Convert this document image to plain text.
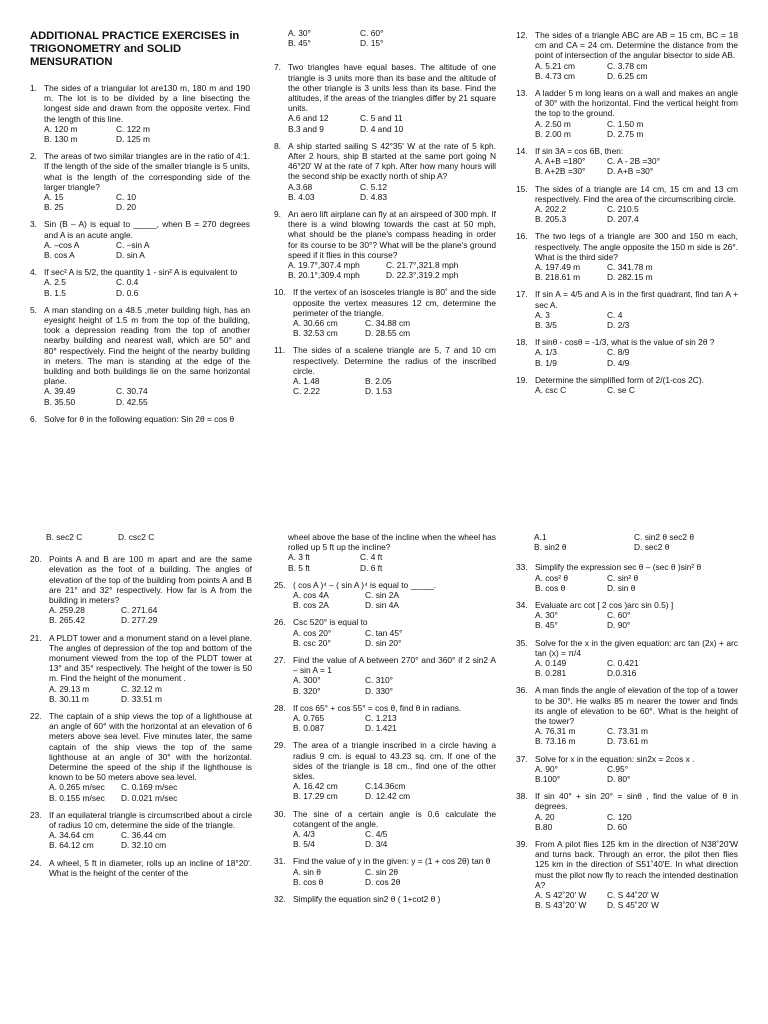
ADDITIONAL PRACTICE EXERCISES in TRIGONOMETRY and SOLID MENSURATION
1. The sides of a triangular lot are130 m, 180 m and 190 m. The lot is to be divided by a line bisecting the longest side and drawn from the opposite vertex. Find the length of this line.
A. 120 m	C. 122 m
B. 130 m	D. 125 m
2. The areas of two similar triangles are in the ratio of 4:1. If the length of the side of the smaller triangle is 5 units, what is the length of the corresponding side of the larger triangle?
A. 15	C. 10
B. 25	D. 20
3. Sin (B – A) is equal to _____, when B = 270 degrees and A is an acute angle.
A. –cos A	C. –sin A
B. cos A	D. sin A
4. If sec² A is 5/2, the quantity 1 - sin² A is equivalent to
A. 2.5	C. 0.4
B. 1.5	D. 0.6
5. A man standing on a 48.5 ,meter building high, has an eyesight height of 1.5 m from the top of the building, took a depression reading from the top of another nearby building and nearest wall, which are 50° and 80° respectively. Find the height of the nearby building in meters. The man is standing at the edge of the building and both buildings lie on the same horizontal plane.
A. 39.49	C. 30.74
B. 35.50	D. 42.55
6. Solve for θ in the following equation: Sin 2θ = cos θ
A. 30°	C. 60°
B. 45°	D. 15°
7. Two triangles have equal bases. The altitude of one triangle is 3 units more than its base and the altitude of the other triangle is 3 units less than its base. Find the altitudes, if the areas of the triangles differ by 21 square units.
A.6 and 12	C. 5 and 11
B.3 and 9	D. 4 and 10
8. A ship started sailing S 42°35' W at the rate of 5 kph. After 2 hours, ship B started at the same port going N 46°20' W at the rate of 7 kph. After how many hours will the second ship be exactly north of ship A?
A.3.68	C. 5.12
B. 4.03	D. 4.83
9. An aero lift airplane can fly at an airspeed of 300 mph. If there is a wind blowing towards the cast at 50 mph, what should be the plane's compass heading in order for its course to be 30°? What will be the plane's ground speed if it flies in this course?
A. 19.7°,307.4 mph	C. 21.7°,321.8 mph
B. 20.1°,309.4 mph	D. 22.3°,319.2 mph
10. If the vertex of an isosceles triangle is 80˚ and the side opposite the vertex measures 12 cm, determine the perimeter of the triangle.
A. 30.66 cm	C. 34.88 cm
B. 32.53 cm	D. 28.55 cm
11. The sides of a scalene triangle are 5, 7 and 10 cm respectively. Determine the radius of the inscribed circle.
A. 1.48	B. 2.05
C. 2.22	D. 1.53
12. The sides of a triangle ABC are AB = 15 cm, BC = 18 cm and CA = 24 cm. Determine the distance from the point of intersection of the angular bisector to side AB.
A. 5.21 cm	C. 3.78 cm
B. 4.73 cm	D. 6.25 cm
13. A ladder 5 m long leans on a wall and makes an angle of 30° with the horizontal. Find the vertical height from the top to the ground.
A. 2.50 m	C. 1.50 m
B. 2.00 m	D. 2.75 m
14. If sin 3A = cos 6B, then:
A. A+B =180°	C. A - 2B =30°
B. A+2B =30°	D. A+B =30°
15. The sides of a triangle are 14 cm, 15 cm and 13 cm respectively. Find the area of the circumscribing circle.
A. 202.2	C. 210.5
B. 205.3	D. 207.4
16. The two legs of a triangle are 300 and 150 m each, respectively. The angle opposite the 150 m side is 26°. What is the third side?
A. 197.49 m	C. 341.78 m
B. 218.61 m	D. 282.15 m
17. If sin A = 4/5 and A is in the first quadrant, find tan A + sec A.
A. 3	C. 4
B. 3/5	D. 2/3
18. If sinθ - cosθ = -1/3, what is the value of sin 2θ ?
A. 1/3	C. 8/9
B. 1/9	D. 4/9
19. Determine the simplified form of 2/(1-cos 2C).
A. csc C	C. se C
B. sec2 C	D. csc2 C
20. Points A and B are 100 m apart and are the same elevation as the foot of a building. The angles of elevation of the top of the building from points A and B are 21° and 32° respectively. How far is A from the building in meters?
A. 259.28	C. 271.64
B. 265.42	D. 277.29
21. A PLDT tower and a monument stand on a level plane. The angles of depression of the top and bottom of the monument viewed from the top of the PLDT tower at 13° and 35° respectively. The height of the tower is 50 m. Find the height of the monument .
A. 29.13 m	C. 32.12 m
B. 30.11 m	D. 33.51 m
22. The captain of a ship views the top of a lighthouse at an angle of 60° with the horizontal at an elevation of 6 meters above sea level. Five minutes later, the same captain of the ship views the top of the same lighthouse at an angle of 30° with the horizontal. Determine the speed of the ship if the lighthouse is known to be 50 meters above sea level.
A. 0.265 m/sec	C. 0.169 m/sec
B. 0.155 m/sec	D. 0.021 m/sec
23. If an equilateral triangle is circumscribed about a circle of radius 10 cm, determine the side of the triangle.
A. 34.64 cm	C. 36.44 cm
B. 64.12 cm	D. 32.10 cm
24. A wheel, 5 ft in diameter, rolls up an incline of 18°20'. What is the height of the center of the
wheel above the base of the incline when the wheel has rolled up 5 ft up the incline?
A. 3 ft	C. 4 ft
B. 5 ft	D. 6 ft
25. ( cos A )⁴ – ( sin A )⁴ is equal to _____.
A. cos 4A	C. sin 2A
B. cos 2A	D. sin 4A
26. Csc 520° is equal to
A. cos 20°	C. tan 45°
B. csc 20°	D. sin 20°
27. Find the value of A between 270° and 360° if 2 sin2 A – sin A = 1
A. 300°	C. 310°
B. 320°	D. 330°
28. If cos 65° + cos 55° = cos θ, find θ in radians.
A. 0.765	C. 1.213
B. 0.087	D. 1.421
29. The area of a triangle inscribed in a circle having a radius 9 cm. is equal to 43.23 sq. cm. If one of the sides of the triangle is 18 cm., find one of the other sides.
A. 16.42 cm	C.14.36cm
B. 17.29 cm	D. 12.42 cm
30. The sine of a certain angle is 0.6 calculate the cotangent of the angle.
A. 4/3	C. 4/5
B. 5/4	D. 3/4
31. Find the value of y in the given: y = (1 + cos 2θ) tan θ
A. sin θ	C. sin 2θ
B. cos θ	D. cos 2θ
32. Simplify the equation sin2 θ ( 1+cot2 θ )
A.1	C. sin2 θ sec2 θ
B. sin2 θ	D. sec2 θ
33. Simplify the expression sec θ – (sec θ )sin² θ
A. cos² θ	C. sin² θ
B. cos θ	D. sin θ
34. Evaluate arc cot [ 2 cos )arc sin 0.5) ]
A. 30°	C. 60°
B. 45°	D. 90°
35. Solve for the x in the given equation: arc tan (2x) + arc tan (x) = π/4
A. 0.149	C. 0.421
B. 0.281	D.0.316
36. A man finds the angle of elevation of the top of a tower to be 30°. He walks 85 m nearer the tower and finds its angle of elevation to be 60°. What is the height of the tower?
A. 76.31 m	C. 73.31 m
B. 73.16 m	D. 73.61 m
37. Solve for x in the equation: sin2x = 2cos x .
A. 90°	C.95°
B.100°	D. 80°
38. If sin 40° + sin 20° = sinθ , find the value of θ in degrees.
A. 20	C. 120
B.80	D. 60
39. From A pilot flies 125 km in the direction of N38˚20'W and turns back. Through an error, the pilot then flies 125 km in the direction of S51˚40'E. In what direction must the pilot now fly to reach the intended destination A?
A. S 42˚20' W	C. S 44˚20' W
B. S 43˚20' W	D. S 45˚20' W
